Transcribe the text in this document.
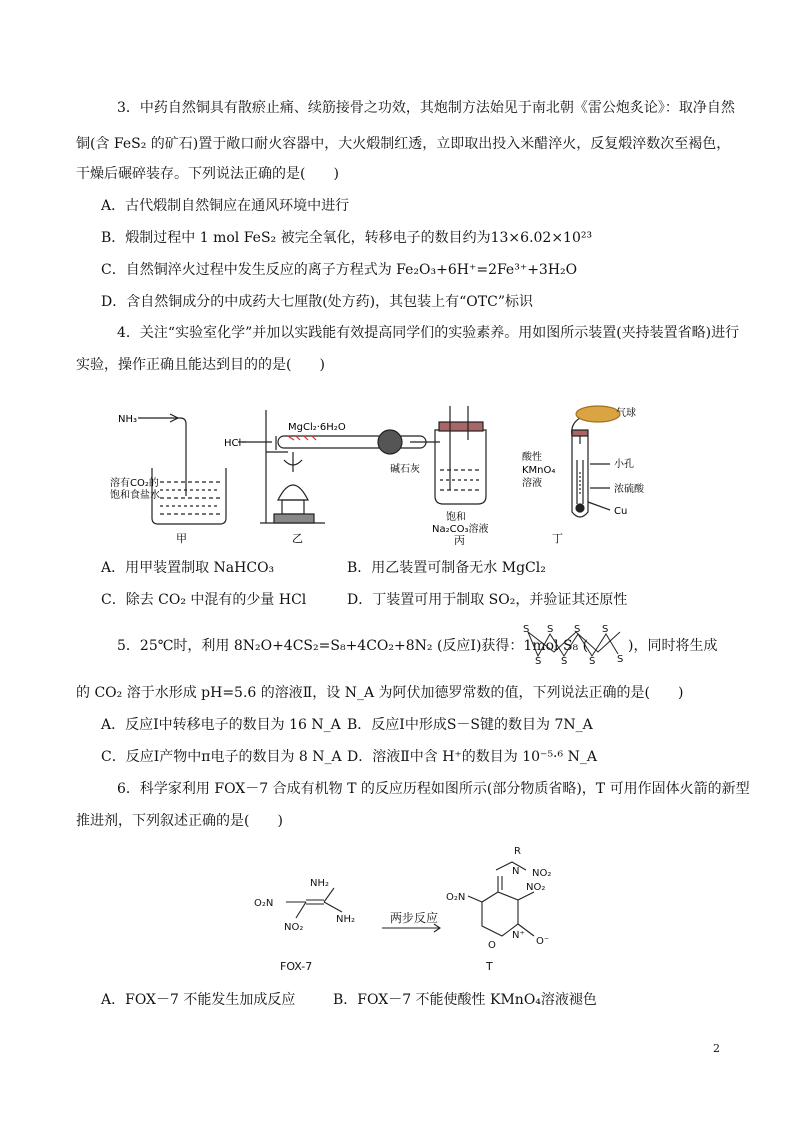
3．中药自然铜具有散瘀止痛、续筋接骨之功效，其炮制方法始见于南北朝《雷公炮炙论》：取净自然
铜(含 FeS₂ 的矿石)置于敞口耐火容器中，大火煅制红透，立即取出投入米醋淬火，反复煅淬数次至褐色，
干燥后碾碎装存。下列说法正确的是(　　)
A．古代煅制自然铜应在通风环境中进行
B．煅制过程中 1 mol FeS₂ 被完全氧化，转移电子的数目约为13×6.02×10²³
C．自然铜淬火过程中发生反应的离子方程式为 Fe₂O₃+6H⁺=2Fe³⁺+3H₂O
D．含自然铜成分的中成药大七厘散(处方药)，其包装上有“OTC”标识
4．关注“实验室化学”并加以实践能有效提高同学们的实验素养。用如图所示装置(夹持装置省略)进行
实验，操作正确且能达到目的的是(　　)
NH₃
溶有CO₂的
饱和食盐水
甲
HCl
MgCl₂·6H₂O
碱石灰
乙
饱和
Na₂CO₃溶液
丙
气球
酸性
KMnO₄
溶液
小孔
浓硫酸
Cu
丁
A．用甲装置制取 NaHCO₃	B．用乙装置可制备无水 MgCl₂
C．除去 CO₂ 中混有的少量 HCl	D．丁装置可用于制取 SO₂，并验证其还原性
5．25℃时，利用 8N₂O+4CS₂=S₈+4CO₂+8N₂ (反应Ⅰ)获得：1mol S₈ (
S
S
S
S
S
S
S
S
)，同时将生成
的 CO₂ 溶于水形成 pH=5.6 的溶液Ⅱ，设 N_A 为阿伏加德罗常数的值，下列说法正确的是(　　)
A．反应Ⅰ中转移电子的数目为 16 N_A B．反应Ⅰ中形成S－S键的数目为 7N_A
C．反应Ⅰ产物中π电子的数目为 8 N_A D．溶液Ⅱ中含 H⁺的数目为 10⁻⁵·⁶ N_A
6．科学家利用 FOX－7 合成有机物 T 的反应历程如图所示(部分物质省略)，T 可用作固体火箭的新型
推进剂，下列叙述正确的是(　　)
NH₂
NH₂
O₂N
NO₂
FOX-7
两步反应
R
N NO₂
O₂N
NO₂
N⁺
O	O⁻
T
A．FOX－7 不能发生加成反应	B．FOX－7 不能使酸性 KMnO₄溶液褪色
2
